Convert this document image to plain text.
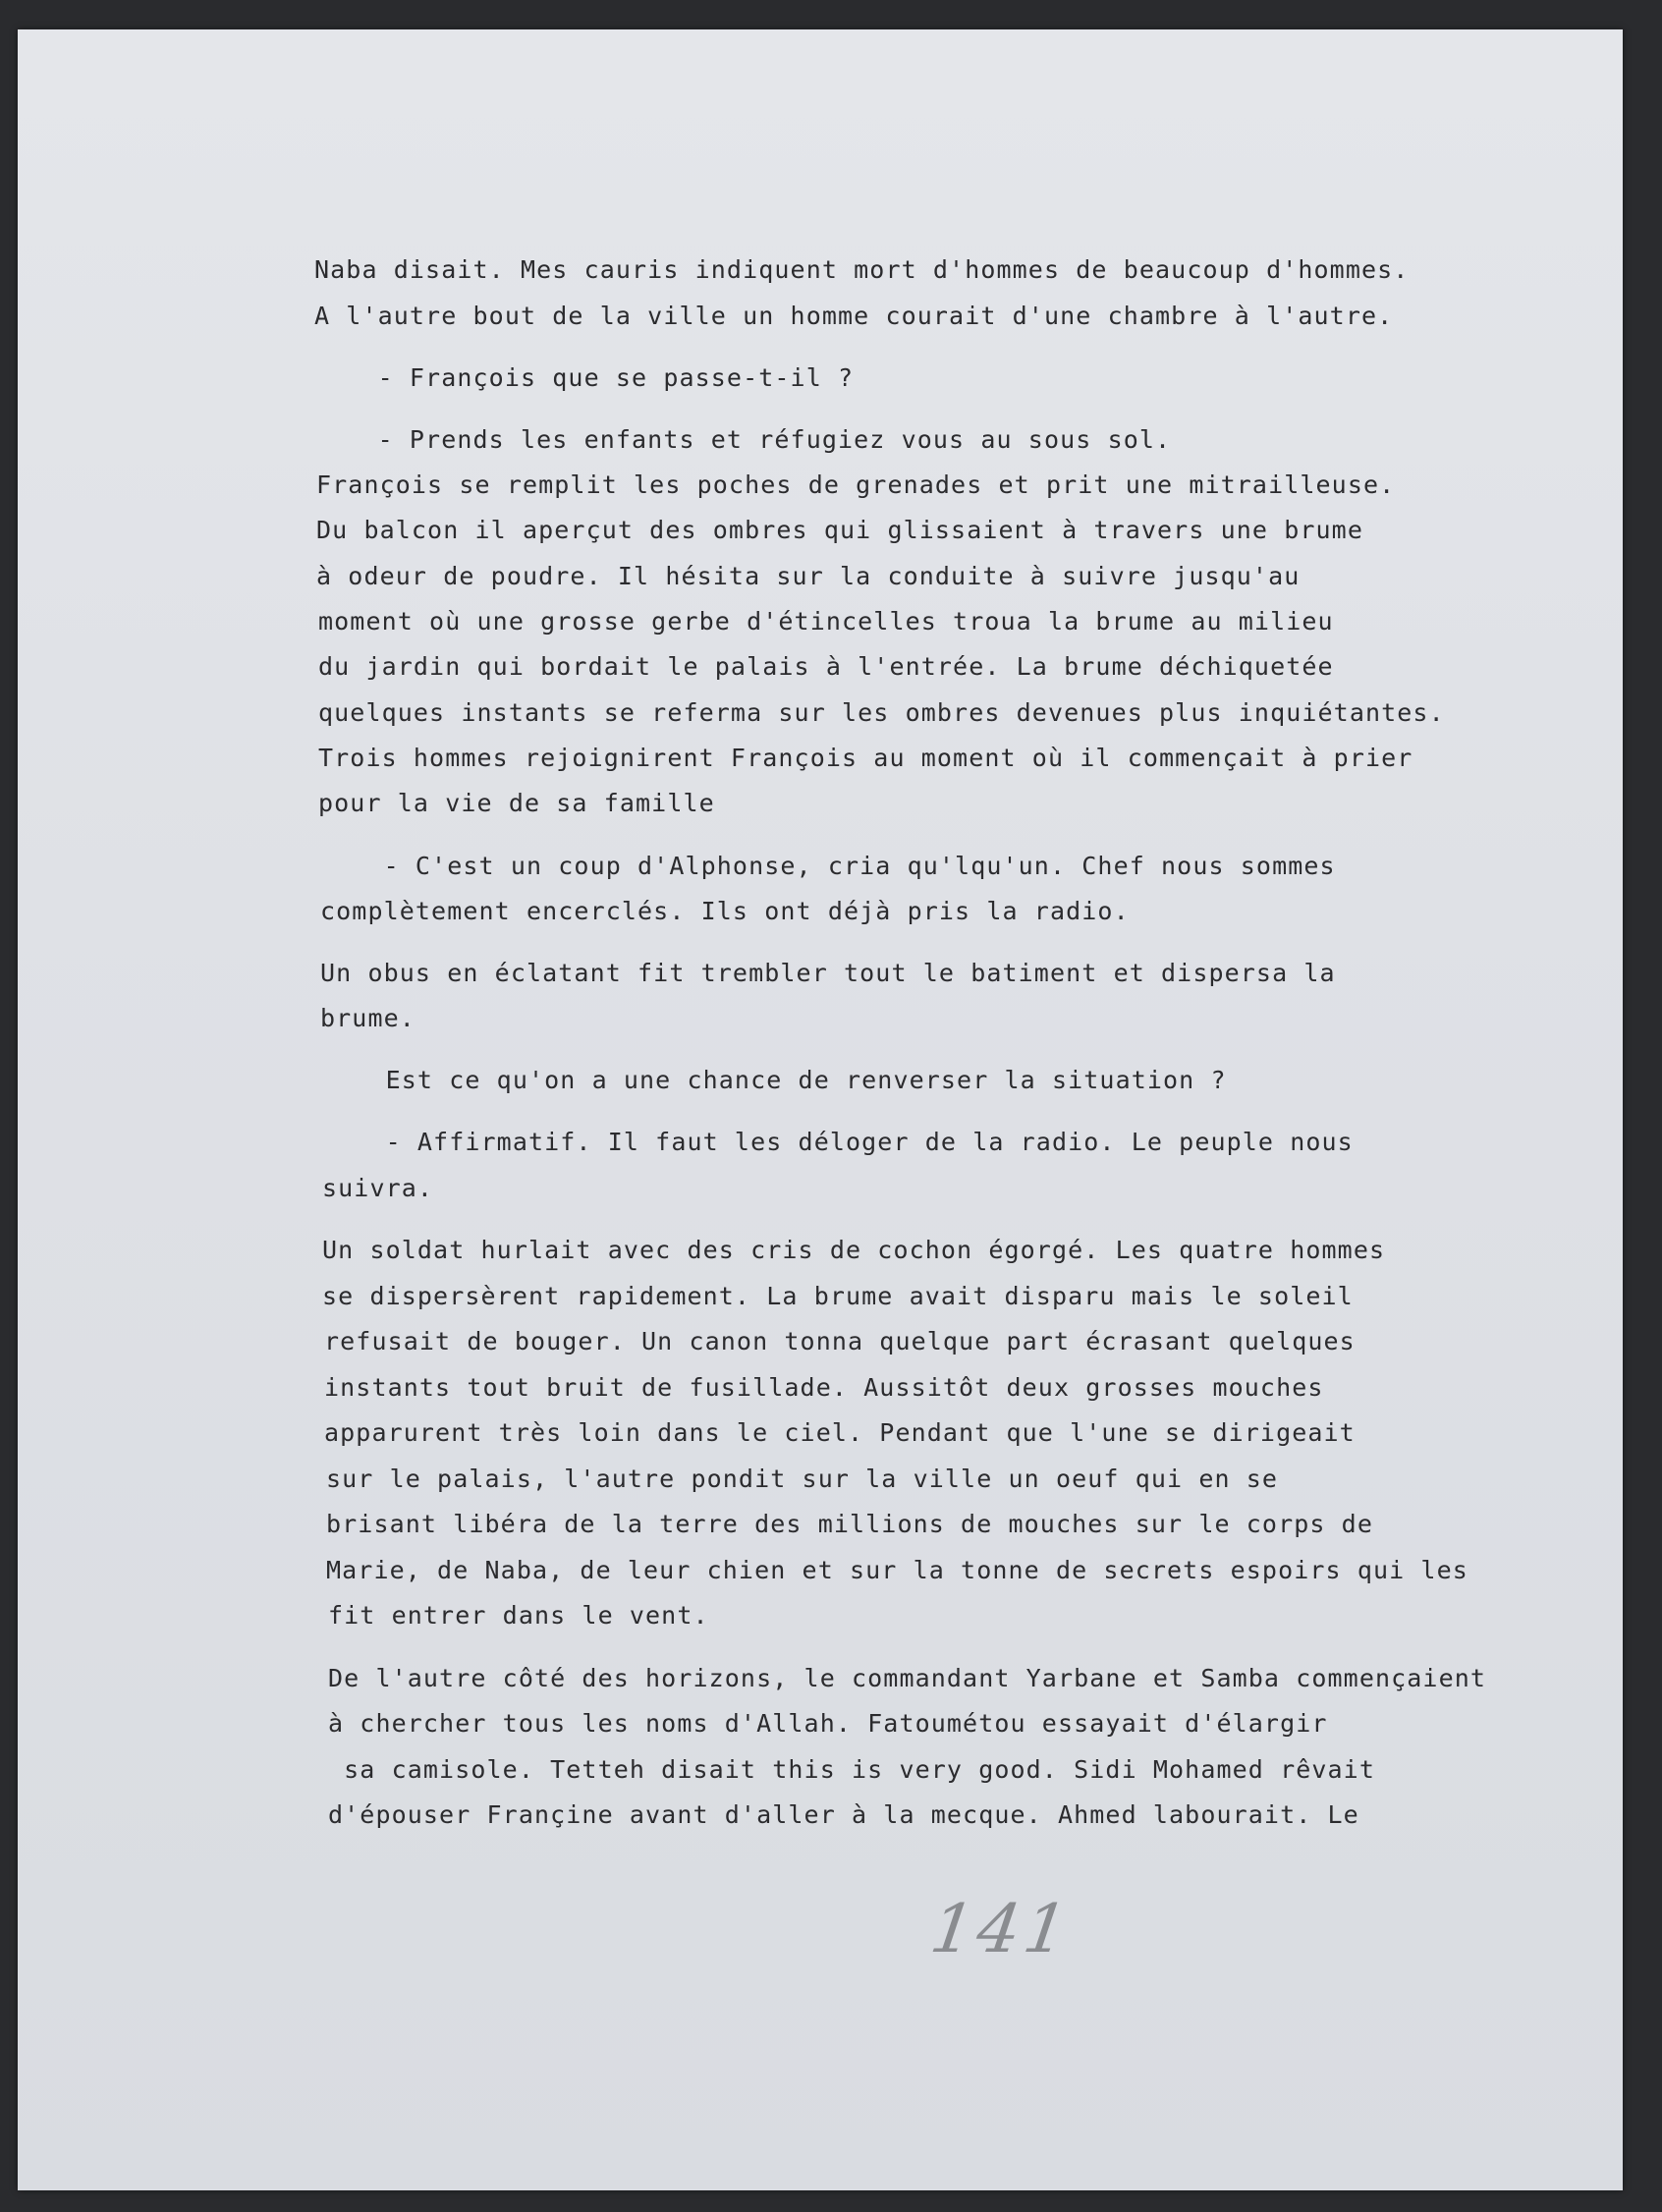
Naba disait. Mes cauris indiquent mort d'hommes de beaucoup d'hommes.
A l'autre bout de la ville un homme courait d'une chambre à l'autre.
- François que se passe-t-il ?
- Prends les enfants et réfugiez vous au sous sol.
François se remplit les poches de grenades et prit une mitrailleuse.
Du balcon il aperçut des ombres qui glissaient à travers une brume
à odeur de poudre. Il hésita sur la conduite à suivre jusqu'au
moment où une grosse gerbe d'étincelles troua la brume au milieu
du jardin qui bordait le palais à l'entrée. La brume déchiquetée
quelques instants se referma sur les ombres devenues plus inquiétantes.
Trois hommes rejoignirent François au moment où il commençait à prier
pour la vie de sa famille
- C'est un coup d'Alphonse, cria qu'lqu'un. Chef nous sommes
complètement encerclés. Ils ont déjà pris la radio.
Un obus en éclatant fit trembler tout le batiment et dispersa la
brume.
Est ce qu'on a une chance de renverser la situation ?
- Affirmatif. Il faut les déloger de la radio. Le peuple nous
suivra.
Un soldat hurlait avec des cris de cochon égorgé. Les quatre hommes
se dispersèrent rapidement. La brume avait disparu mais le soleil
refusait de bouger. Un canon tonna quelque part écrasant quelques
instants tout bruit de fusillade. Aussitôt deux grosses mouches
apparurent très loin dans le ciel. Pendant que l'une se dirigeait
sur le palais, l'autre pondit sur la ville un oeuf qui en se
brisant libéra de la terre des millions de mouches sur le corps de
Marie, de Naba, de leur chien et sur la tonne de secrets espoirs qui les
fit entrer dans le vent.
De l'autre côté des horizons, le commandant Yarbane et Samba commençaient
à chercher tous les noms d'Allah. Fatoumétou essayait d'élargir
sa camisole. Tetteh disait this is very good. Sidi Mohamed rêvait
d'épouser Françine avant d'aller à la mecque. Ahmed labourait. Le
141
